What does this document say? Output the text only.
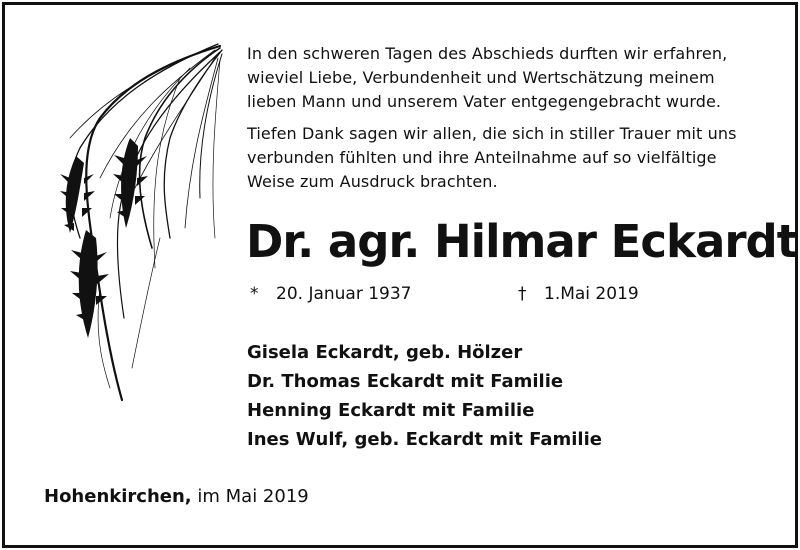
In den schweren Tagen des Abschieds durften wir erfahren,
wieviel Liebe, Verbundenheit und Wertschätzung meinem
lieben Mann und unserem Vater entgegengebracht wurde.
Tiefen Dank sagen wir allen, die sich in stiller Trauer mit uns
verbunden fühlten und ihre Anteilnahme auf so vielfältige
Weise zum Ausdruck brachten.
Dr. agr. Hilmar Eckardt
* 20. Januar 1937	† 1.Mai 2019
Gisela Eckardt, geb. Hölzer
Dr. Thomas Eckardt mit Familie
Henning Eckardt mit Familie
Ines Wulf, geb. Eckardt mit Familie
Hohenkirchen, im Mai 2019
